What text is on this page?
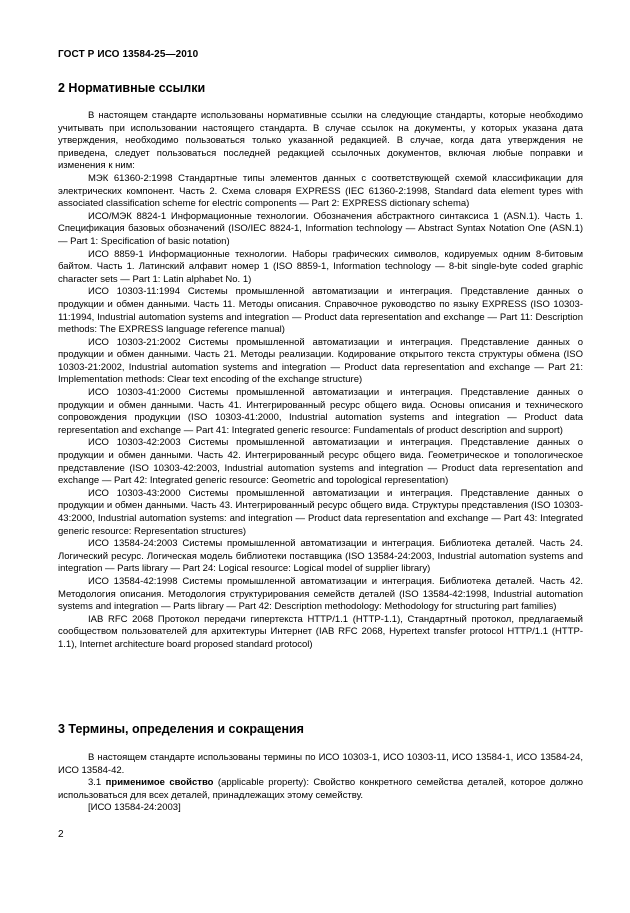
ГОСТ Р ИСО 13584-25—2010
2 Нормативные ссылки

В настоящем стандарте использованы нормативные ссылки на следующие стандарты, которые необходимо учитывать при использовании настоящего стандарта. В случае ссылок на документы, у которых указана дата утверждения, необходимо пользоваться только указанной редакцией. В случае, когда дата утверждения не приведена, следует пользоваться последней редакцией ссылочных документов, включая любые поправки и изменения к ним:

МЭК 61360-2:1998 Стандартные типы элементов данных с соответствующей схемой классификации для электрических компонент. Часть 2. Схема словаря EXPRESS (IEC 61360-2:1998, Standard data element types with associated classification scheme for electric components — Part 2: EXPRESS dictionary schema)

ИСО/МЭК 8824-1 Информационные технологии. Обозначения абстрактного синтаксиса 1 (ASN.1). Часть 1. Спецификация базовых обозначений (ISO/IEC 8824-1, Information technology — Abstract Syntax Notation One (ASN.1) — Part 1: Specification of basic notation)

ИСО 8859-1 Информационные технологии. Наборы графических символов, кодируемых одним 8-битовым байтом. Часть 1. Латинский алфавит номер 1 (ISO 8859-1, Information technology — 8-bit single-byte coded graphic character sets — Part 1: Latin alphabet No. 1)

ИСО 10303-11:1994 Системы промышленной автоматизации и интеграция. Представление данных о продукции и обмен данными. Часть 11. Методы описания. Справочное руководство по языку EXPRESS (ISO 10303-11:1994, Industrial automation systems and integration — Product data representation and exchange — Part 11: Description methods: The EXPRESS language reference manual)

ИСО 10303-21:2002 Системы промышленной автоматизации и интеграция. Представление данных о продукции и обмен данными. Часть 21. Методы реализации. Кодирование открытого текста структуры обмена (ISO 10303-21:2002, Industrial automation systems and integration — Product data representation and exchange — Part 21: Implementation methods: Clear text encoding of the exchange structure)

ИСО 10303-41:2000 Системы промышленной автоматизации и интеграция. Представление данных о продукции и обмен данными. Часть 41. Интегрированный ресурс общего вида. Основы описания и технического сопровождения продукции (ISO 10303-41:2000, Industrial automation systems and integration — Product data representation and exchange — Part 41: Integrated generic resource: Fundamentals of product description and support)

ИСО 10303-42:2003 Системы промышленной автоматизации и интеграция. Представление данных о продукции и обмен данными. Часть 42. Интегрированный ресурс общего вида. Геометрическое и топологическое представление (ISO 10303-42:2003, Industrial automation systems and integration — Product data representation and exchange — Part 42: Integrated generic resource: Geometric and topological representation)

ИСО 10303-43:2000 Системы промышленной автоматизации и интеграция. Представление данных о продукции и обмен данными. Часть 43. Интегрированный ресурс общего вида. Структуры представления (ISO 10303-43:2000, Industrial automation systems: and integration — Product data representation and exchange — Part 43: Integrated generic resource: Representation structures)

ИСО 13584-24:2003 Системы промышленной автоматизации и интеграция. Библиотека деталей. Часть 24. Логический ресурс. Логическая модель библиотеки поставщика (ISO 13584-24:2003, Industrial automation systems and integration — Parts library — Part 24: Logical resource: Logical model of supplier library)

ИСО 13584-42:1998 Системы промышленной автоматизации и интеграция. Библиотека деталей. Часть 42. Методология описания. Методология структурирования семейств деталей (ISO 13584-42:1998, Industrial automation systems and integration — Parts library — Part 42: Description methodology: Methodology for structuring part families)

IAB RFC 2068 Протокол передачи гипертекста HTTP/1.1 (HTTP-1.1), Стандартный протокол, предлагаемый сообществом пользователей для архитектуры Интернет (IAB RFC 2068, Hypertext transfer protocol HTTP/1.1 (HTTP-1.1), Internet architecture board proposed standard protocol)

3 Термины, определения и сокращения

В настоящем стандарте использованы термины по ИСО 10303-1, ИСО 10303-11, ИСО 13584-1, ИСО 13584-24, ИСО 13584-42.

3.1 применимое свойство (applicable property): Свойство конкретного семейства деталей, которое должно использоваться для всех деталей, принадлежащих этому семейству.

[ИСО 13584-24:2003]

2
